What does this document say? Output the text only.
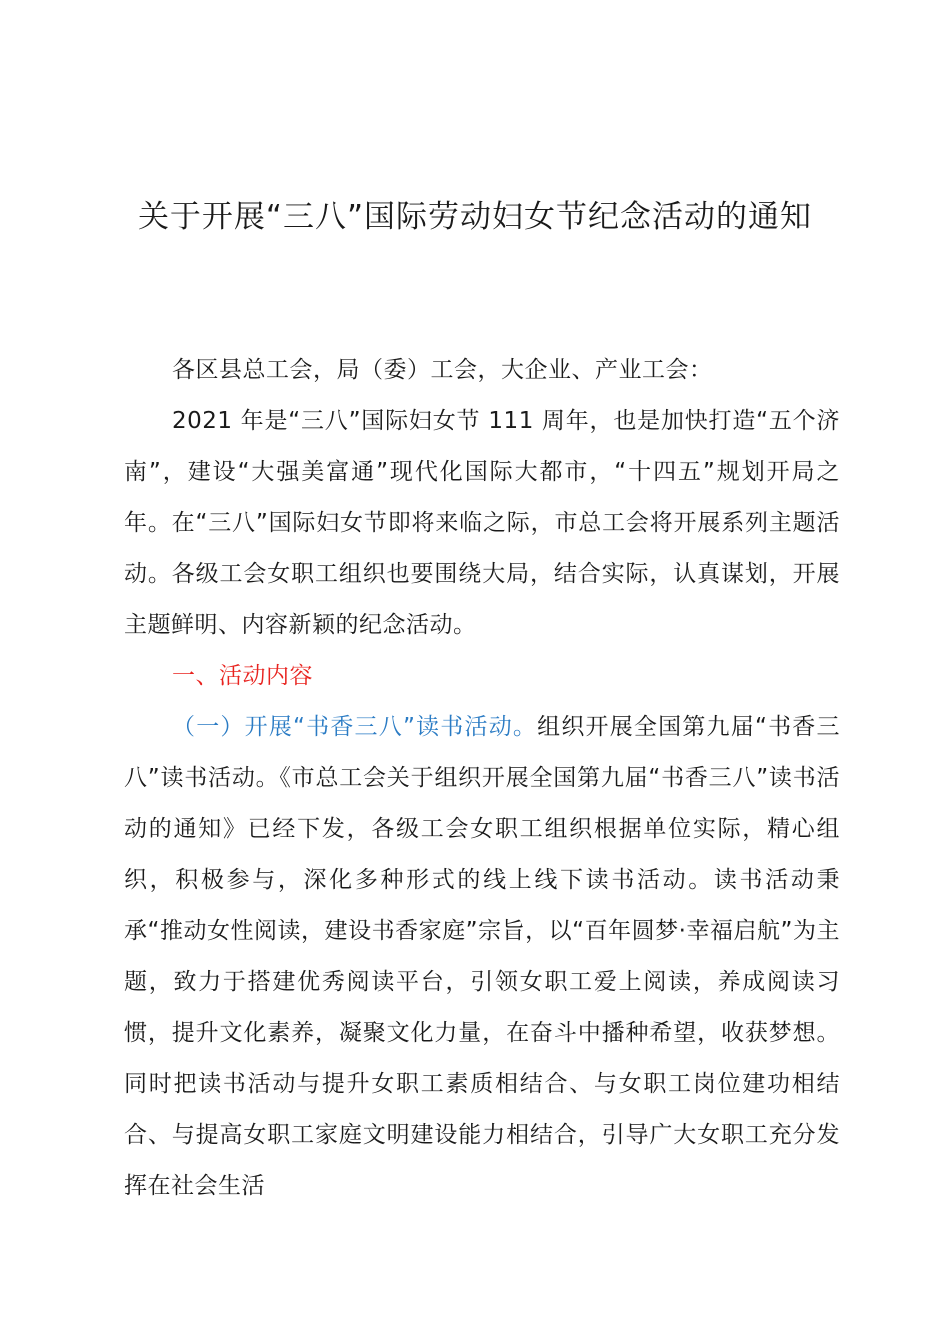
关于开展“三八”国际劳动妇女节纪念活动的通知

各区县总工会，局（委）工会，大企业、产业工会：

2021 年是“三八”国际妇女节 111 周年，也是加快打造“五个济南”，建设“大强美富通”现代化国际大都市，“十四五”规划开局之年。在“三八”国际妇女节即将来临之际，市总工会将开展系列主题活动。各级工会女职工组织也要围绕大局，结合实际，认真谋划，开展主题鲜明、内容新颖的纪念活动。

一、活动内容

（一）开展“书香三八”读书活动。组织开展全国第九届“书香三八”读书活动。《市总工会关于组织开展全国第九届“书香三八”读书活动的通知》已经下发，各级工会女职工组织根据单位实际，精心组织，积极参与，深化多种形式的线上线下读书活动。读书活动秉承“推动女性阅读，建设书香家庭”宗旨，以“百年圆梦·幸福启航”为主题，致力于搭建优秀阅读平台，引领女职工爱上阅读，养成阅读习惯，提升文化素养，凝聚文化力量，在奋斗中播种希望，收获梦想。同时把读书活动与提升女职工素质相结合、与女职工岗位建功相结合、与提高女职工家庭文明建设能力相结合，引导广大女职工充分发挥在社会生活
